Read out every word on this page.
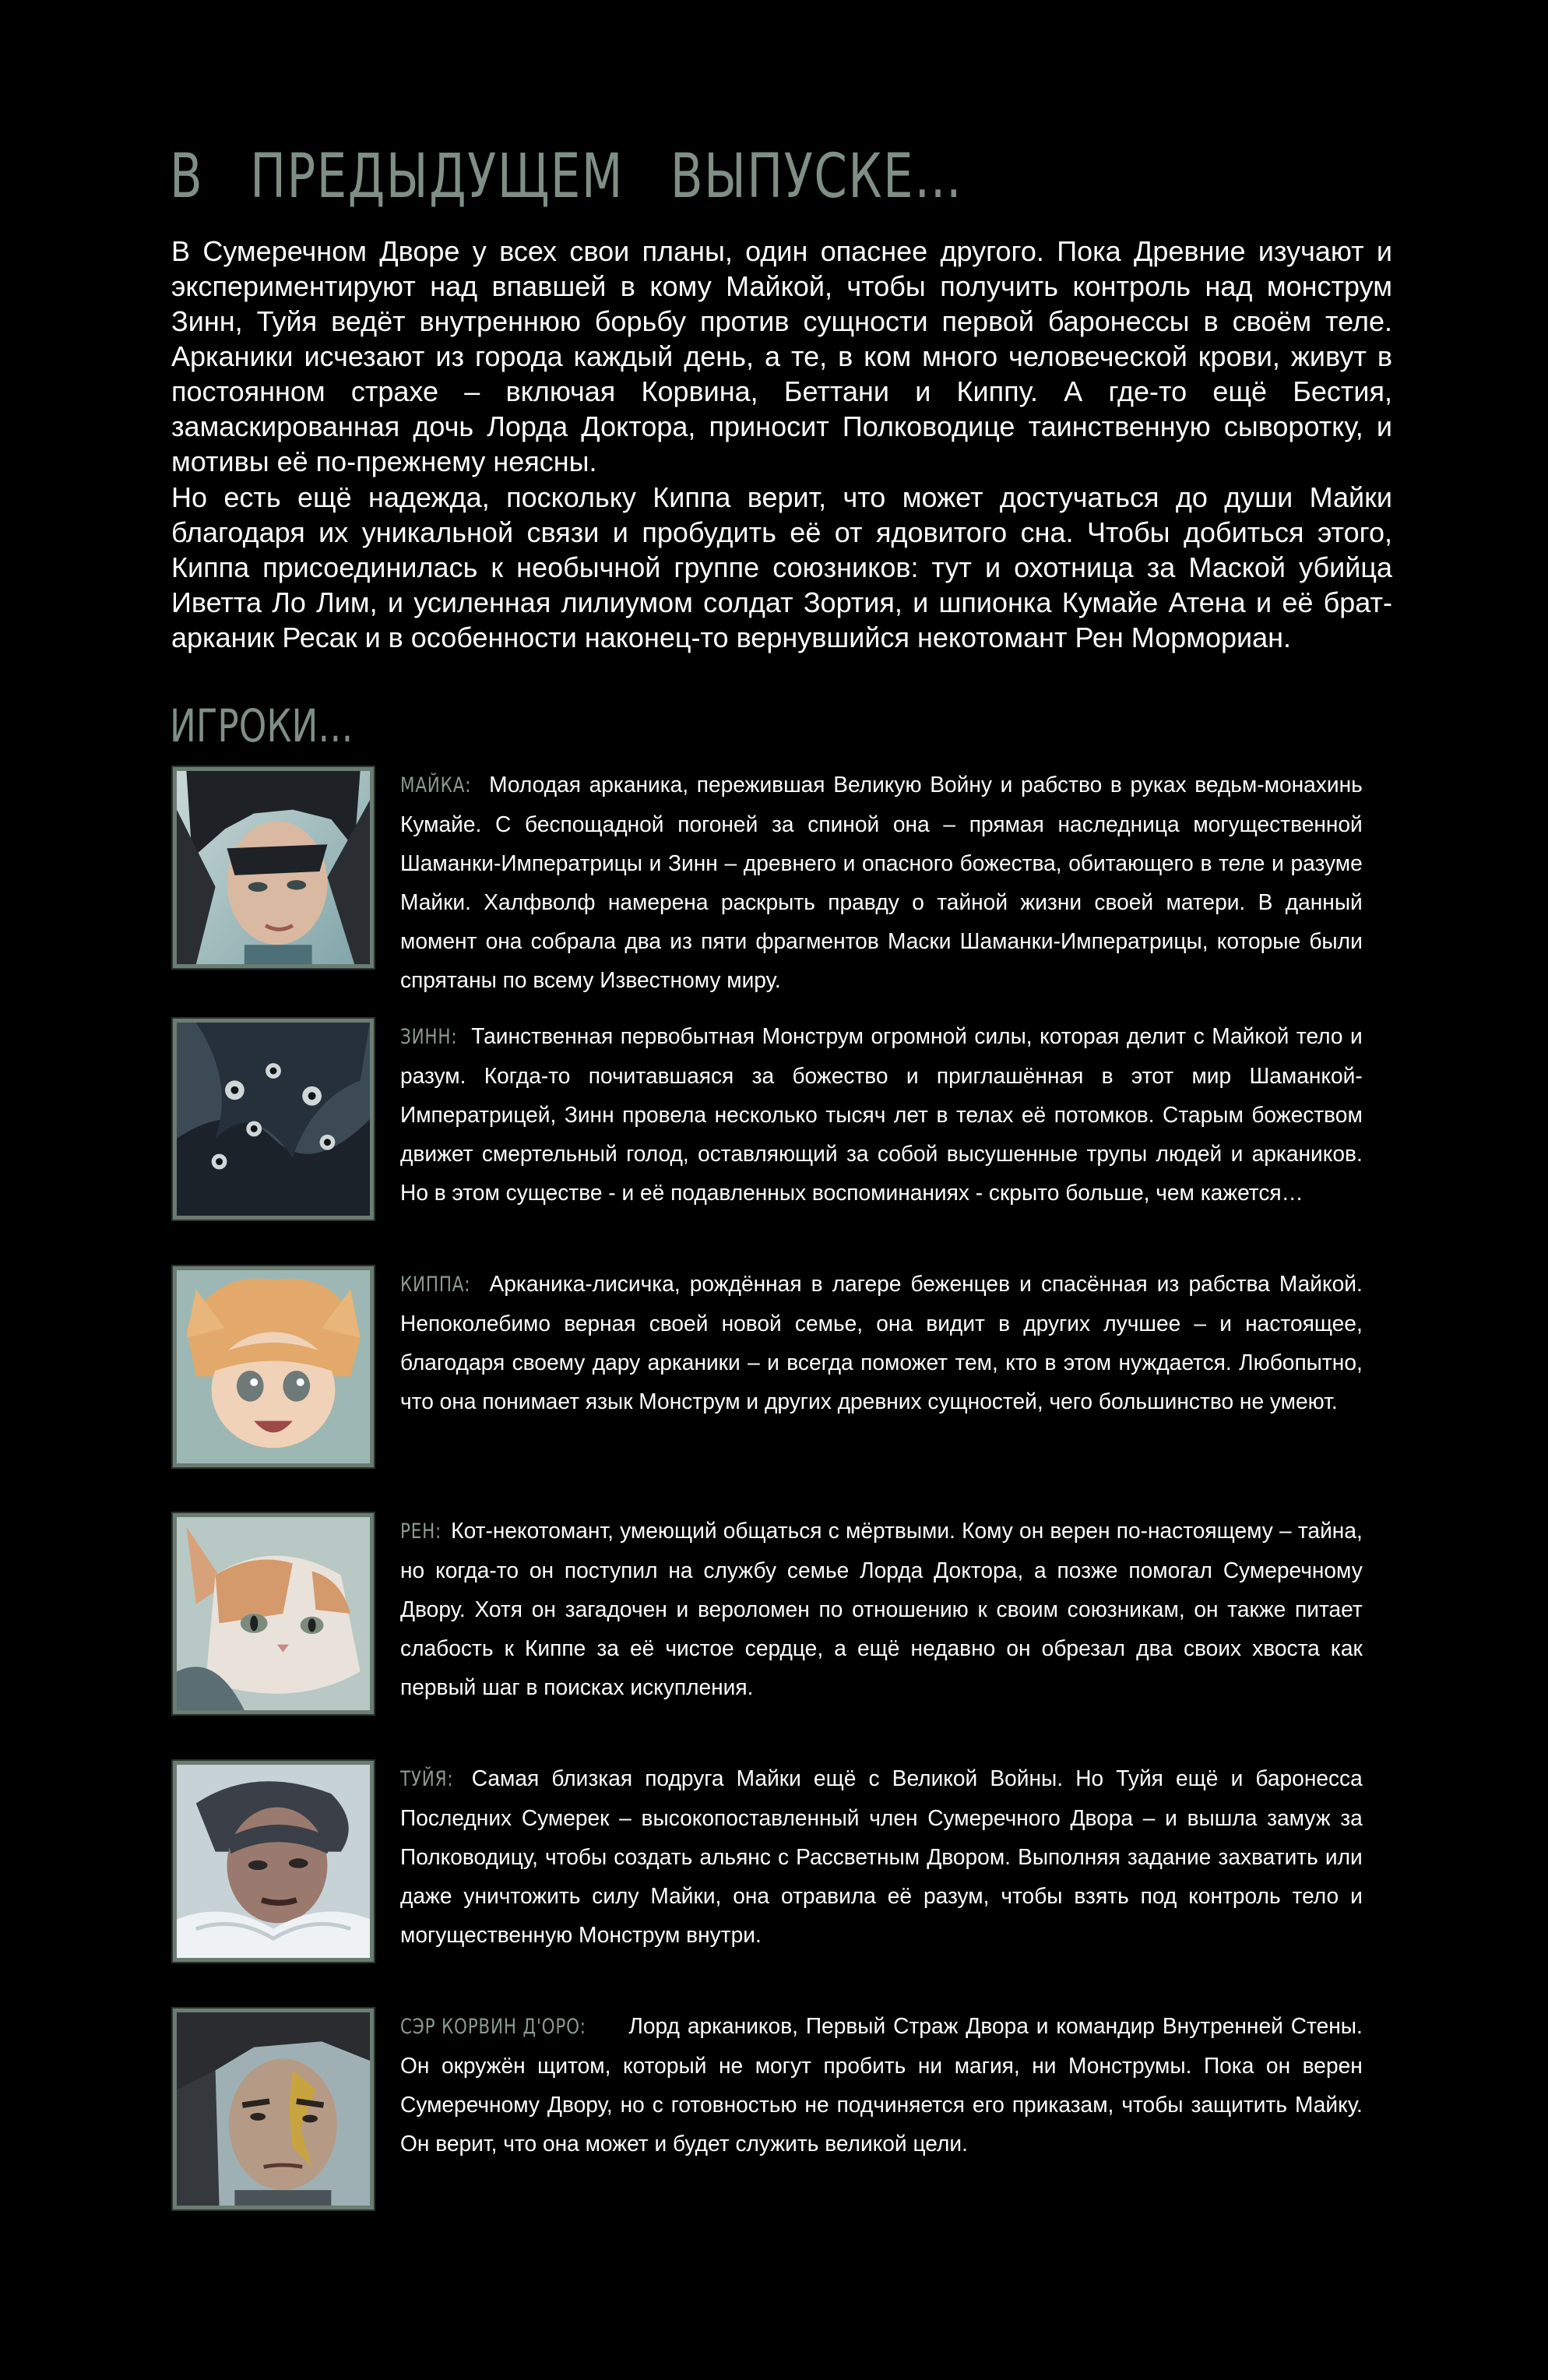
В ПРЕДЫДУЩЕМ ВЫПУСКЕ…

В Сумеречном Дворе у всех свои планы, один опаснее другого. Пока Древние изучают и экспериментируют над впавшей в кому Майкой, чтобы получить контроль над монструм Зинн, Туйя ведёт внутреннюю борьбу против сущности первой баронессы в своём теле. Арканики исчезают из города каждый день, а те, в ком много человеческой крови, живут в постоянном страхе – включая Корвина, Беттани и Киппу. А где-то ещё Бестия, замаскированная дочь Лорда Доктора, приносит Полководице таинственную сыворотку, и мотивы её по-прежнему неясны.

Но есть ещё надежда, поскольку Киппа верит, что может достучаться до души Майки благодаря их уникальной связи и пробудить её от ядовитого сна. Чтобы добиться этого, Киппа присоединилась к необычной группе союзников: тут и охотница за Маской убийца Иветта Ло Лим, и усиленная лилиумом солдат Зортия, и шпионка Кумайе Атена и её брат-арканик Ресак и в особенности наконец-то вернувшийся некотомант Рен Мормориан.

ИГРОКИ…

МАЙКА: Молодая арканика, пережившая Великую Войну и рабство в руках ведьм-монахинь Кумайе. С беспощадной погоней за спиной она – прямая наследница могущественной Шаманки-Императрицы и Зинн – древнего и опасного божества, обитающего в теле и разуме Майки. Халфволф намерена раскрыть правду о тайной жизни своей матери. В данный момент она собрала два из пяти фрагментов Маски Шаманки-Императрицы, которые были спрятаны по всему Известному миру.

ЗИНН: Таинственная первобытная Монструм огромной силы, которая делит с Майкой тело и разум. Когда-то почитавшаяся за божество и приглашённая в этот мир Шаманкой-Императрицей, Зинн провела несколько тысяч лет в телах её потомков. Старым божеством движет смертельный голод, оставляющий за собой высушенные трупы людей и аркаников. Но в этом существе - и её подавленных воспоминаниях - скрыто больше, чем кажется…

КИППА: Арканика-лисичка, рождённая в лагере беженцев и спасённая из рабства Майкой. Непоколебимо верная своей новой семье, она видит в других лучшее – и настоящее, благодаря своему дару арканики – и всегда поможет тем, кто в этом нуждается. Любопытно, что она понимает язык Монструм и других древних сущностей, чего большинство не умеют.

РЕН: Кот-некотомант, умеющий общаться с мёртвыми. Кому он верен по-настоящему – тайна, но когда-то он поступил на службу семье Лорда Доктора, а позже помогал Сумеречному Двору. Хотя он загадочен и вероломен по отношению к своим союзникам, он также питает слабость к Киппе за её чистое сердце, а ещё недавно он обрезал два своих хвоста как первый шаг в поисках искупления.

ТУЙЯ: Самая близкая подруга Майки ещё с Великой Войны. Но Туйя ещё и баронесса Последних Сумерек – высокопоставленный член Сумеречного Двора – и вышла замуж за Полководицу, чтобы создать альянс с Рассветным Двором. Выполняя задание захватить или даже уничтожить силу Майки, она отравила её разум, чтобы взять под контроль тело и могущественную Монструм внутри.

СЭР КОРВИН Д'ОРО: Лорд аркаников, Первый Страж Двора и командир Внутренней Стены. Он окружён щитом, который не могут пробить ни магия, ни Монструмы. Пока он верен Сумеречному Двору, но с готовностью не подчиняется его приказам, чтобы защитить Майку. Он верит, что она может и будет служить великой цели.
